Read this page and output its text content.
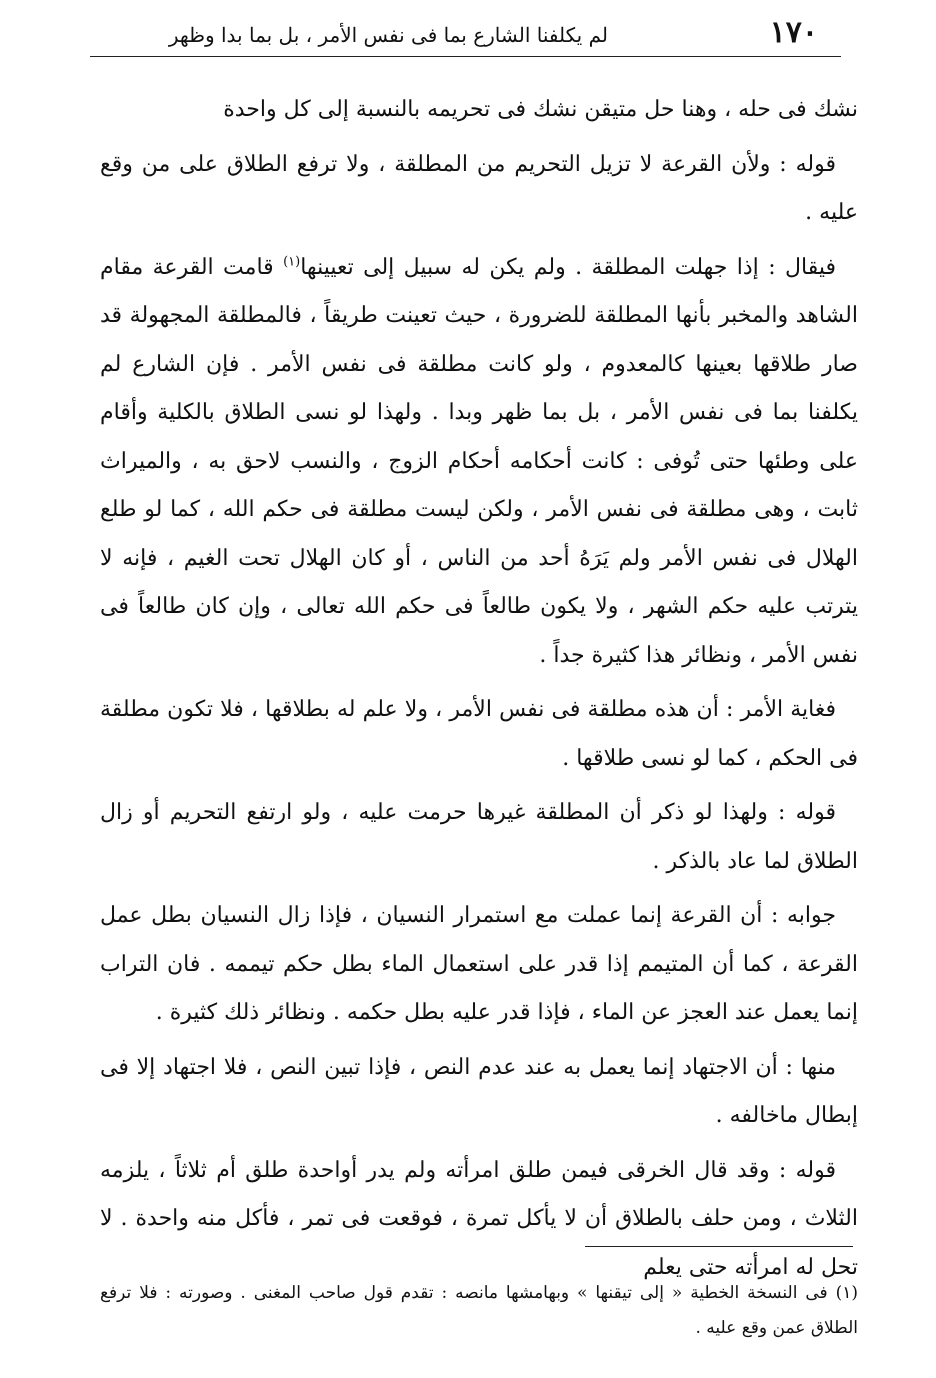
١٧٠
لم يكلفنا الشارع بما فى نفس الأمر ، بل بما بدا وظهر

نشك فى حله ، وهنا حل متيقن نشك فى تحريمه بالنسبة إلى كل واحدة

قوله : ولأن القرعة لا تزيل التحريم من المطلقة ، ولا ترفع الطلاق على من وقع عليه .

فيقال : إذا جهلت المطلقة . ولم يكن له سبيل إلى تعيينها$^{(١)}$ قامت القرعة مقام الشاهد والمخبر بأنها المطلقة للضرورة ، حيث تعينت طريقاً ، فالمطلقة المجهولة قد صار طلاقها بعينها كالمعدوم ، ولو كانت مطلقة فى نفس الأمر . فإن الشارع لم يكلفنا بما فى نفس الأمر ، بل بما ظهر وبدا . ولهذا لو نسى الطلاق بالكلية وأقام على وطئها حتى تُوفى : كانت أحكامه أحكام الزوج ، والنسب لاحق به ، والميراث ثابت ، وهى مطلقة فى نفس الأمر ، ولكن ليست مطلقة فى حكم الله ، كما لو طلع الهلال فى نفس الأمر ولم يَرَهُ أحد من الناس ، أو كان الهلال تحت الغيم ، فإنه لا يترتب عليه حكم الشهر ، ولا يكون طالعاً فى حكم الله تعالى ، وإن كان طالعاً فى نفس الأمر ، ونظائر هذا كثيرة جداً .

فغاية الأمر : أن هذه مطلقة فى نفس الأمر ، ولا علم له بطلاقها ، فلا تكون مطلقة فى الحكم ، كما لو نسى طلاقها .

قوله : ولهذا لو ذكر أن المطلقة غيرها حرمت عليه ، ولو ارتفع التحريم أو زال الطلاق لما عاد بالذكر .

جوابه : أن القرعة إنما عملت مع استمرار النسيان ، فإذا زال النسيان بطل عمل القرعة ، كما أن المتيمم إذا قدر على استعمال الماء بطل حكم تيممه . فان التراب إنما يعمل عند العجز عن الماء ، فإذا قدر عليه بطل حكمه . ونظائر ذلك كثيرة .

منها : أن الاجتهاد إنما يعمل به عند عدم النص ، فإذا تبين النص ، فلا اجتهاد إلا فى إبطال ماخالفه .

قوله : وقد قال الخرقى فيمن طلق امرأته ولم يدر أواحدة طلق أم ثلاثاً ، يلزمه الثلاث ، ومن حلف بالطلاق أن لا يأكل تمرة ، فوقعت فى تمر ، فأكل منه واحدة . لا تحل له امرأته حتى يعلم

(١) فى النسخة الخطية « إلى تيقنها » وبهامشها مانصه : تقدم قول صاحب المغنى . وصورته : فلا ترفع الطلاق عمن وقع عليه .
